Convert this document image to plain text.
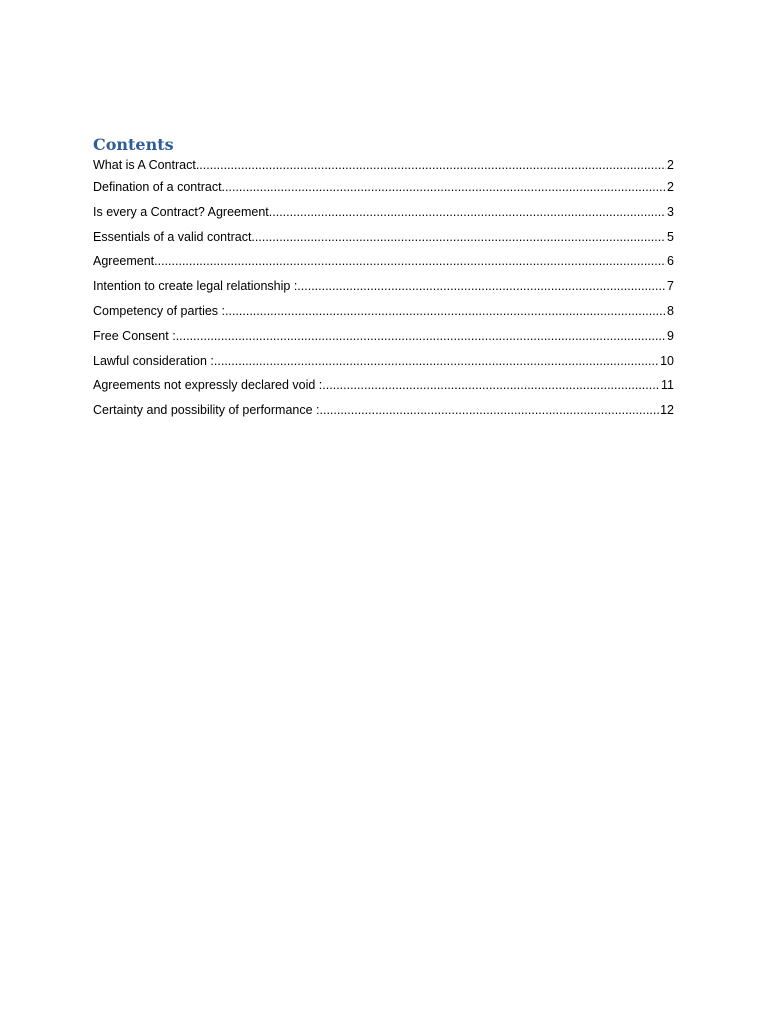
Contents
What is A Contract .....	2
Defination of a contract .....	2
Is every a Contract? Agreement .....	3
Essentials of a valid contract .....	5
Agreement .....	6
Intention to create legal relationship : .....	7
Competency of parties : .....	8
Free Consent : .....	9
Lawful consideration : .....	10
Agreements not expressly declared void : .....	11
Certainty and possibility of performance : .....	12
